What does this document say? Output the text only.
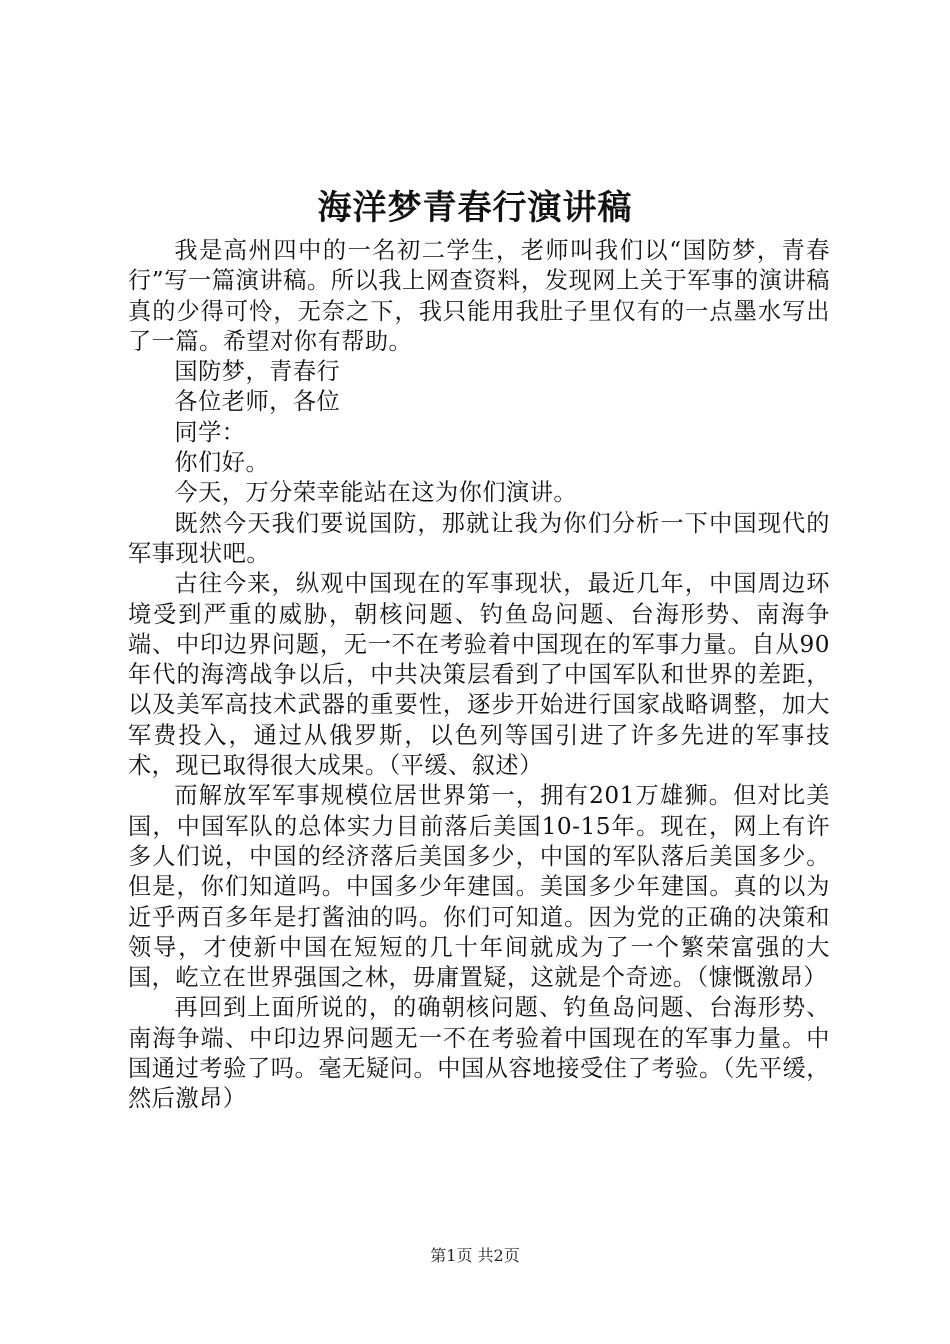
海洋梦青春行演讲稿

我是高州四中的一名初二学生，老师叫我们以“国防梦，青春行”写一篇演讲稿。所以我上网查资料，发现网上关于军事的演讲稿真的少得可怜，无奈之下，我只能用我肚子里仅有的一点墨水写出了一篇。希望对你有帮助。

国防梦，青春行

各位老师，各位

同学：

你们好。

今天，万分荣幸能站在这为你们演讲。

既然今天我们要说国防，那就让我为你们分析一下中国现代的军事现状吧。

古往今来，纵观中国现在的军事现状，最近几年，中国周边环境受到严重的威胁，朝核问题、钓鱼岛问题、台海形势、南海争端、中印边界问题，无一不在考验着中国现在的军事力量。自从90年代的海湾战争以后，中共决策层看到了中国军队和世界的差距，以及美军高技术武器的重要性，逐步开始进行国家战略调整，加大军费投入，通过从俄罗斯，以色列等国引进了许多先进的军事技术，现已取得很大成果。（平缓、叙述）

而解放军军事规模位居世界第一，拥有201万雄狮。但对比美国，中国军队的总体实力目前落后美国10-15年。现在，网上有许多人们说，中国的经济落后美国多少，中国的军队落后美国多少。但是，你们知道吗。中国多少年建国。美国多少年建国。真的以为近乎两百多年是打酱油的吗。你们可知道。因为党的正确的决策和领导，才使新中国在短短的几十年间就成为了一个繁荣富强的大国，屹立在世界强国之林，毋庸置疑，这就是个奇迹。（慷慨激昂）

再回到上面所说的，的确朝核问题、钓鱼岛问题、台海形势、南海争端、中印边界问题无一不在考验着中国现在的军事力量。中国通过考验了吗。毫无疑问。中国从容地接受住了考验。（先平缓，然后激昂）

第1页 共2页
